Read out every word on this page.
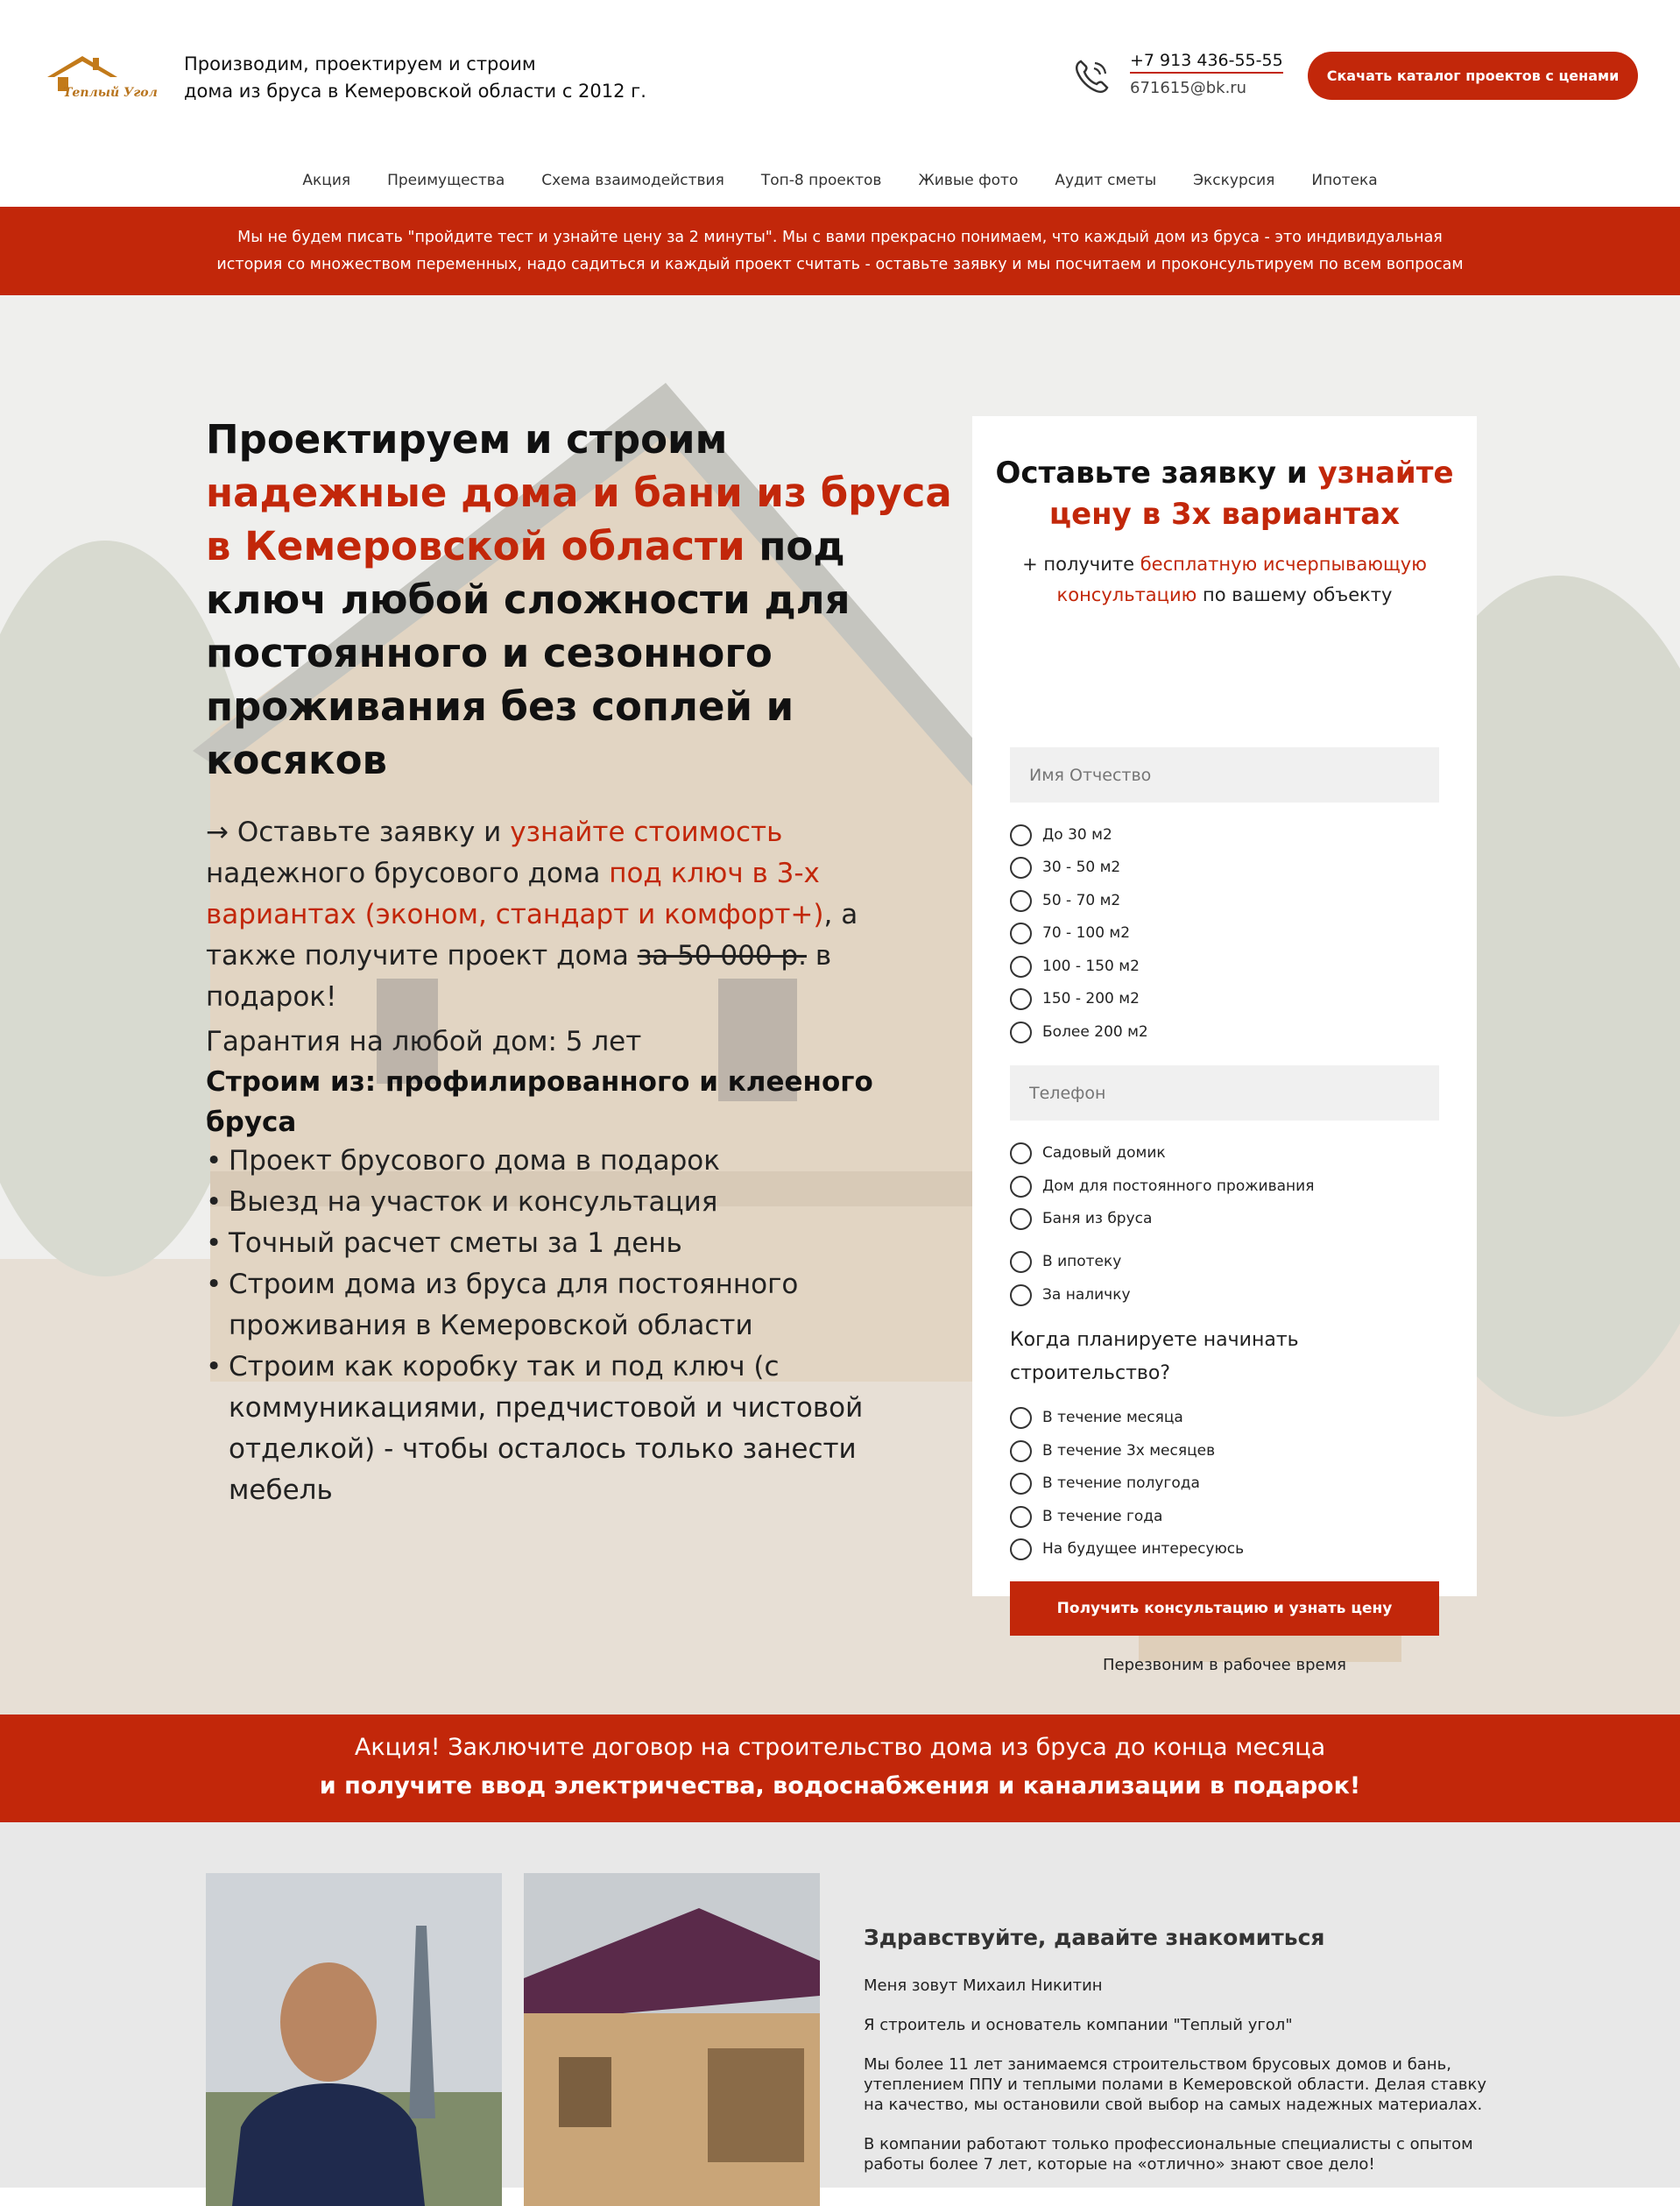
Теплый Угол
Производим, проектируем и строим
дома из бруса в Кемеровской области с 2012 г.
+7 913 436-55-55
671615@bk.ru
Скачать каталог проектов с ценами
Акция	Преимущества	Схема взаимодействия	Топ-8 проектов	Живые фото	Аудит сметы	Экскурсия	Ипотека
Мы не будем писать "пройдите тест и узнайте цену за 2 минуты". Мы с вами прекрасно понимаем, что каждый дом из бруса - это индивидуальная
история со множеством переменных, надо садиться и каждый проект считать - оставьте заявку и мы посчитаем и проконсультируем по всем вопросам
Проектируем и строим
надежные дома и бани из бруса в Кемеровской области под ключ любой сложности для постоянного и сезонного проживания без соплей и косяков

→ Оставьте заявку и узнайте стоимость надежного брусового дома под ключ в 3-х вариантах (эконом, стандарт и комфорт+), а также получите проект дома за 50 000 р. в подарок!

Гарантия на любой дом: 5 лет
Строим из: профилированного и клееного бруса
• Проект брусового дома в подарок
• Выезд на участок и консультация
• Точный расчет сметы за 1 день
• Строим дома из бруса для постоянного проживания в Кемеровской области
• Строим как коробку так и под ключ (с коммуникациями, предчистовой и чистовой отделкой) - чтобы осталось только занести мебель
Оставьте заявку и узнайте цену в 3х вариантах
+ получите бесплатную исчерпывающую консультацию по вашему объекту
Имя Отчество
До 30 м2
30 - 50 м2
50 - 70 м2
70 - 100 м2
100 - 150 м2
150 - 200 м2
Более 200 м2
Телефон
Садовый домик
Дом для постоянного проживания
Баня из бруса
В ипотеку
За наличку
Когда планируете начинать строительство?
В течение месяца
В течение 3х месяцев
В течение полугода
В течение года
На будущее интересуюсь
Получить консультацию и узнать цену
Перезвоним в рабочее время
Акция! Заключите договор на строительство дома из бруса до конца месяца
и получите ввод электричества, водоснабжения и канализации в подарок!
Здравствуйте, давайте знакомиться

Меня зовут Михаил Никитин

Я строитель и основатель компании "Теплый угол"

Мы более 11 лет занимаемся строительством брусовых домов и бань, утеплением ППУ и теплыми полами в Кемеровской области. Делая ставку на качество, мы остановили свой выбор на самых надежных материалах.

В компании работают только профессиональные специалисты с опытом работы более 7 лет, которые на «отлично» знают свое дело!
